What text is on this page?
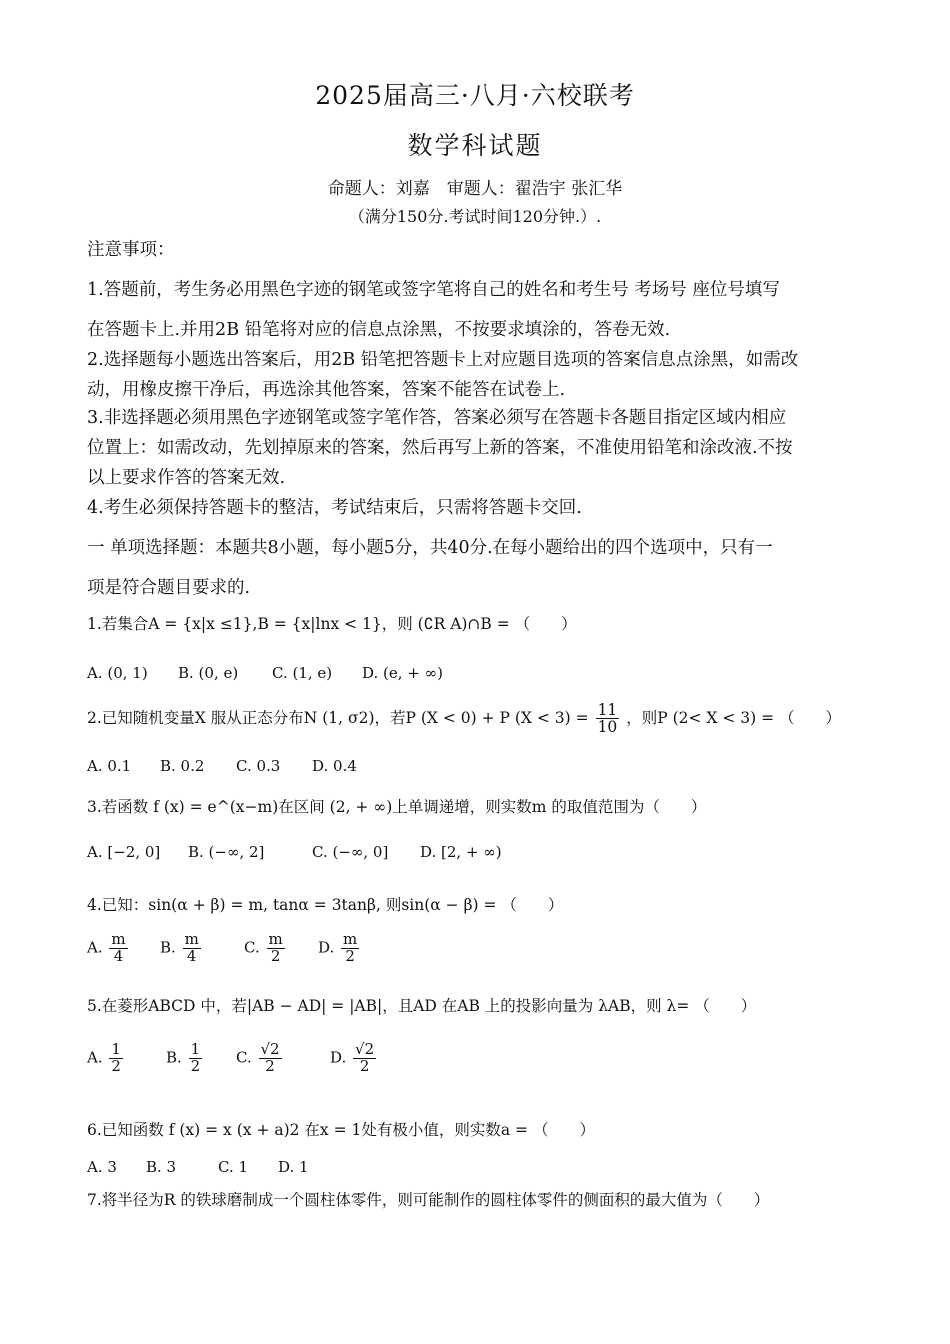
2025届高三·八月·六校联考
数学科试题
命题人：刘嘉　审题人：翟浩宇 张汇华
（满分150分.考试时间120分钟.）.
注意事项：
1.答题前，考生务必用黑色字迹的钢笔或签字笔将自己的姓名和考生号 考场号 座位号填写
在答题卡上.并用2B 铅笔将对应的信息点涂黑，不按要求填涂的，答卷无效.
2.选择题每小题选出答案后，用2B 铅笔把答题卡上对应题目选项的答案信息点涂黑，如需改
动，用橡皮擦干净后，再选涂其他答案，答案不能答在试卷上.
3.非选择题必须用黑色字迹钢笔或签字笔作答，答案必须写在答题卡各题目指定区域内相应
位置上：如需改动，先划掉原来的答案，然后再写上新的答案，不准使用铅笔和涂改液.不按
以上要求作答的答案无效.
4.考生必须保持答题卡的整洁，考试结束后，只需将答题卡交回.
一 单项选择题：本题共8小题，每小题5分，共40分.在每小题给出的四个选项中，只有一
项是符合题目要求的.
1.若集合A = {x|x ≤1},B = {x|lnx < 1}，则 (∁R A)∩B = （　　）
A. (0, 1) B. (0, e) C. (1, e) D. (e, + ∞)
2.已知随机变量X 服从正态分布N (1, σ2)，若P (X < 0) + P $(X < 3) = \frac{11}{10}$ ，则P (2< X < 3) = （　　）
A. 0.1 B. 0.2 C. 0.3 D. 0.4
3.若函数 f (x) = e^(x−m)在区间 (2, + ∞)上单调递增，则实数m 的取值范围为（　　）
A. [−2, 0] B. (−∞, 2]	C. (−∞, 0] D. [2, + ∞)
4.已知：sin(α + β) = m, tanα = 3tanβ, 则sin(α − β) = （　　）
A. $\frac{m}{4} B$. $\frac{m}{4}$	C. $\frac{m}{2} D$. $\frac{m}{2}$
5.在菱形ABCD 中，若|AB − AD| = |AB|，且AD 在AB 上的投影向量为 λAB，则 λ= （　　）
A. $\frac{1}{2}$	B. $\frac{1}{2} C$. $\frac{√2}{2}$	D. $\frac{√2}{2}$
6.已知函数 f (x) = x (x + a)2 在x = 1处有极小值，则实数a = （　　）
A. 3 B. 3	C. 1 D. 1
7.将半径为R 的铁球磨制成一个圆柱体零件，则可能制作的圆柱体零件的侧面积的最大值为（　　）
